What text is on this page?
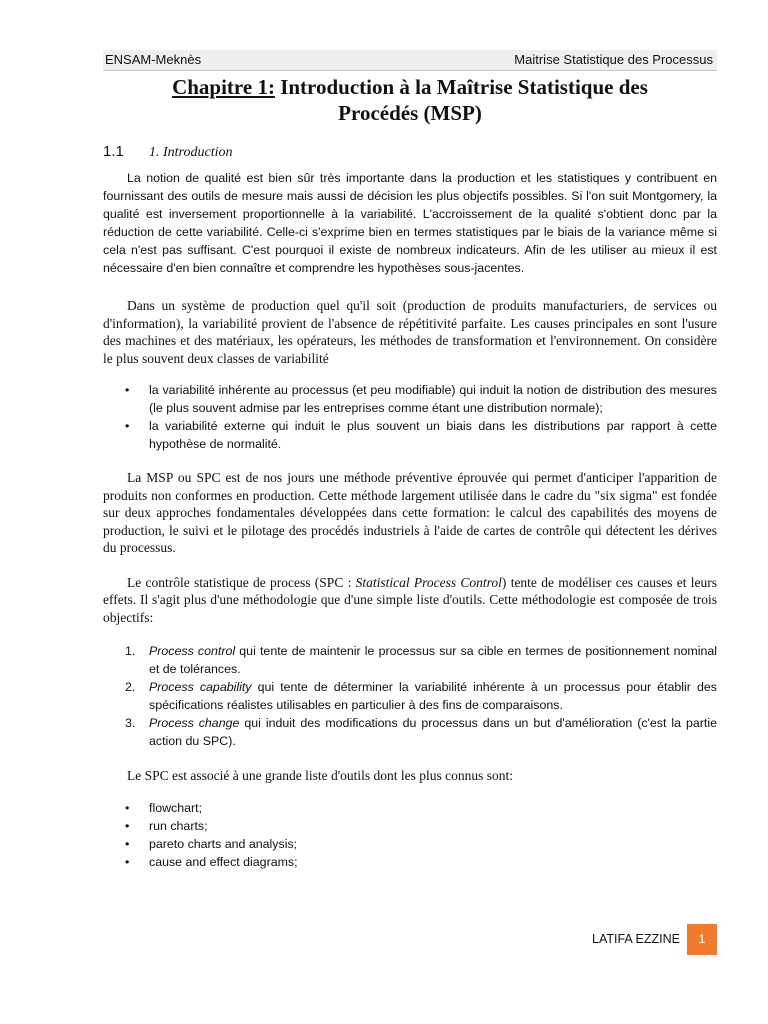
ENSAM-Meknès	Maitrise Statistique des Processus
Chapitre 1: Introduction à la Maîtrise Statistique des
Procédés (MSP)
1.1 1. Introduction

La notion de qualité est bien sûr très importante dans la production et les statistiques y contribuent en fournissant des outils de mesure mais aussi de décision les plus objectifs possibles. Si l'on suit Montgomery, la qualité est inversement proportionnelle à la variabilité. L'accroissement de la qualité s'obtient donc par la réduction de cette variabilité. Celle-ci s'exprime bien en termes statistiques par le biais de la variance même si cela n'est pas suffisant. C'est pourquoi il existe de nombreux indicateurs. Afin de les utiliser au mieux il est nécessaire d'en bien connaître et comprendre les hypothèses sous-jacentes.

Dans un système de production quel qu'il soit (production de produits manufacturiers, de services ou d'information), la variabilité provient de l'absence de répétitivité parfaite. Les causes principales en sont l'usure des machines et des matériaux, les opérateurs, les méthodes de transformation et l'environnement. On considère le plus souvent deux classes de variabilité

• la variabilité inhérente au processus (et peu modifiable) qui induit la notion de distribution des mesures (le plus souvent admise par les entreprises comme étant une distribution normale);
• la variabilité externe qui induit le plus souvent un biais dans les distributions par rapport à cette hypothèse de normalité.

La MSP ou SPC est de nos jours une méthode préventive éprouvée qui permet d'anticiper l'apparition de produits non conformes en production. Cette méthode largement utilisée dans le cadre du "six sigma" est fondée sur deux approches fondamentales développées dans cette formation: le calcul des capabilités des moyens de production, le suivi et le pilotage des procédés industriels à l'aide de cartes de contrôle qui détectent les dérives du processus.

Le contrôle statistique de process (SPC : Statistical Process Control) tente de modéliser ces causes et leurs effets. Il s'agit plus d'une méthodologie que d'une simple liste d'outils. Cette méthodologie est composée de trois objectifs:

1. Process control qui tente de maintenir le processus sur sa cible en termes de positionnement nominal et de tolérances.
2. Process capability qui tente de déterminer la variabilité inhérente à un processus pour établir des spécifications réalistes utilisables en particulier à des fins de comparaisons.
3. Process change qui induit des modifications du processus dans un but d'amélioration (c'est la partie action du SPC).

Le SPC est associé à une grande liste d'outils dont les plus connus sont:

• flowchart;
• run charts;
• pareto charts and analysis;
• cause and effect diagrams;
LATIFA EZZINE	1
